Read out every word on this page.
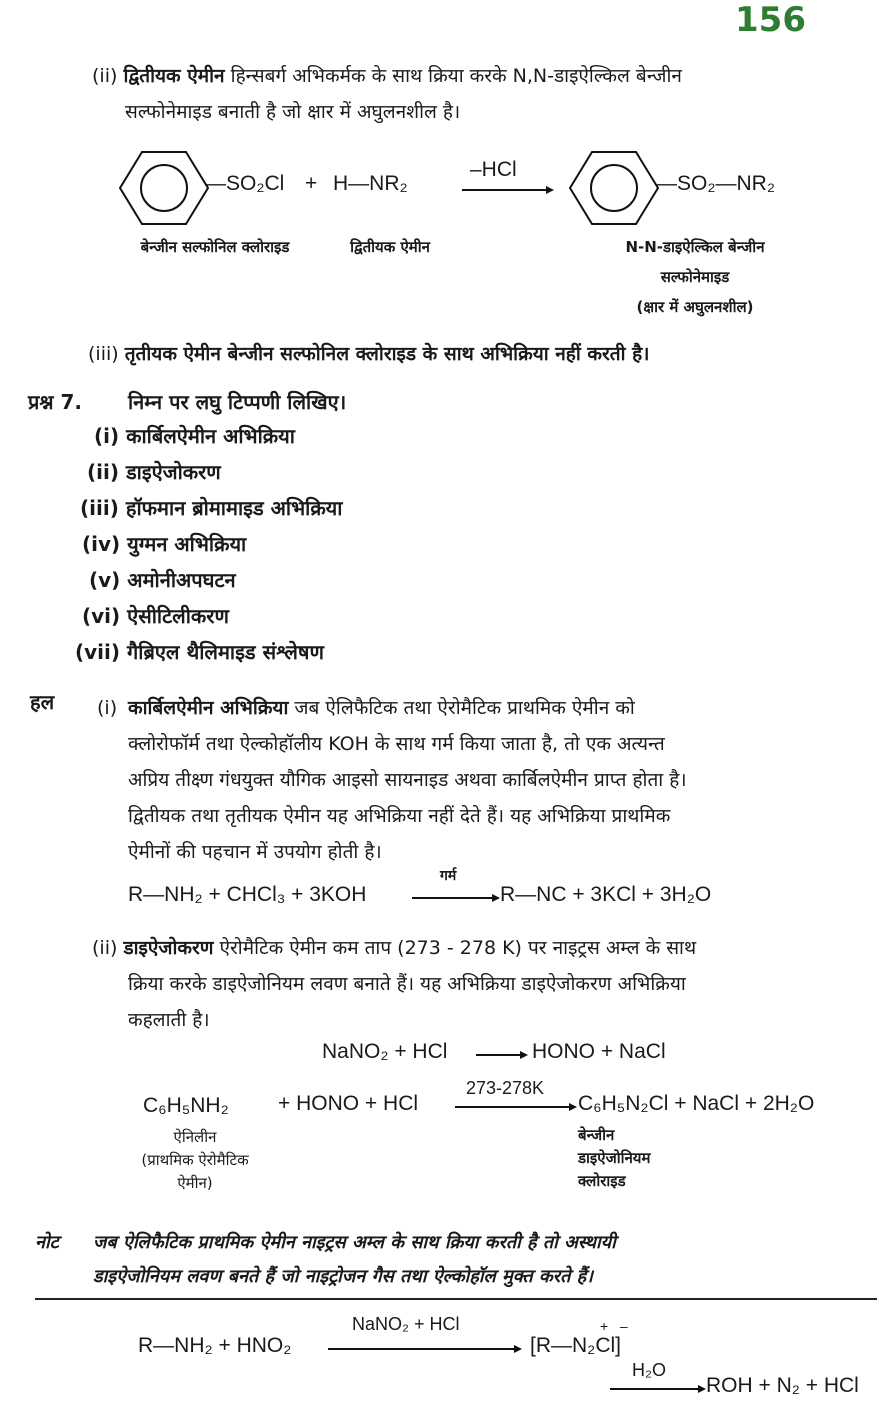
156
(ii) द्वितीयक ऐमीन हिन्सबर्ग अभिकर्मक के साथ क्रिया करके N,N-डाइऐल्किल बेन्जीन
सल्फोनेमाइड बनाती है जो क्षार में अघुलनशील है।
—SO₂Cl + H—NR₂
–HCl
—SO₂—NR₂
बेन्जीन सल्फोनिल क्लोराइड	द्वितीयक ऐमीन	N-N-डाइऐल्किल बेन्जीन
सल्फोनेमाइड
(क्षार में अघुलनशील)
(iii) तृतीयक ऐमीन बेन्जीन सल्फोनिल क्लोराइड के साथ अभिक्रिया नहीं करती है।
प्रश्न 7. निम्न पर लघु टिप्पणी लिखिए।
(i) कार्बिलऐमीन अभिक्रिया
(ii) डाइऐजोकरण
(iii) हॉफमान ब्रोमामाइड अभिक्रिया
(iv) युग्मन अभिक्रिया
(v) अमोनीअपघटन
(vi) ऐसीटिलीकरण
(vii) गैब्रिएल थैलिमाइड संश्लेषण
हल (i) कार्बिलऐमीन अभिक्रिया जब ऐलिफैटिक तथा ऐरोमैटिक प्राथमिक ऐमीन को
क्लोरोफॉर्म तथा ऐल्कोहॉलीय KOH के साथ गर्म किया जाता है, तो एक अत्यन्त
अप्रिय तीक्ष्ण गंधयुक्त यौगिक आइसो सायनाइड अथवा कार्बिलऐमीन प्राप्त होता है।
द्वितीयक तथा तृतीयक ऐमीन यह अभिक्रिया नहीं देते हैं। यह अभिक्रिया प्राथमिक
ऐमीनों की पहचान में उपयोग होती है।
R—NH₂ + CHCl₃ + 3KOH
गर्म
R—NC + 3KCl + 3H₂O
(ii) डाइऐजोकरण ऐरोमैटिक ऐमीन कम ताप (273 - 278 K) पर नाइट्रस अम्ल के साथ
क्रिया करके डाइऐजोनियम लवण बनाते हैं। यह अभिक्रिया डाइऐजोकरण अभिक्रिया
कहलाती है।
NaNO₂ + HCl	HONO + NaCl
C₆H₅NH₂ + HONO + HCl
273-278K
C₆H₅N₂Cl + NaCl + 2H₂O
ऐनिलीन
(प्राथमिक ऐरोमैटिक
ऐमीन)
बेन्जीन
डाइऐजोनियम
क्लोराइड
नोट जब ऐलिफैटिक प्राथमिक ऐमीन नाइट्रस अम्ल के साथ क्रिया करती है तो अस्थायी
डाइऐजोनियम लवण बनते हैं जो नाइट्रोजन गैस तथा ऐल्कोहॉल मुक्त करते हैं।
R—NH₂ + HNO₂
NaNO₂ + HCl	+   –
[R—N₂Cl]
H₂O
ROH + N₂ + HCl
